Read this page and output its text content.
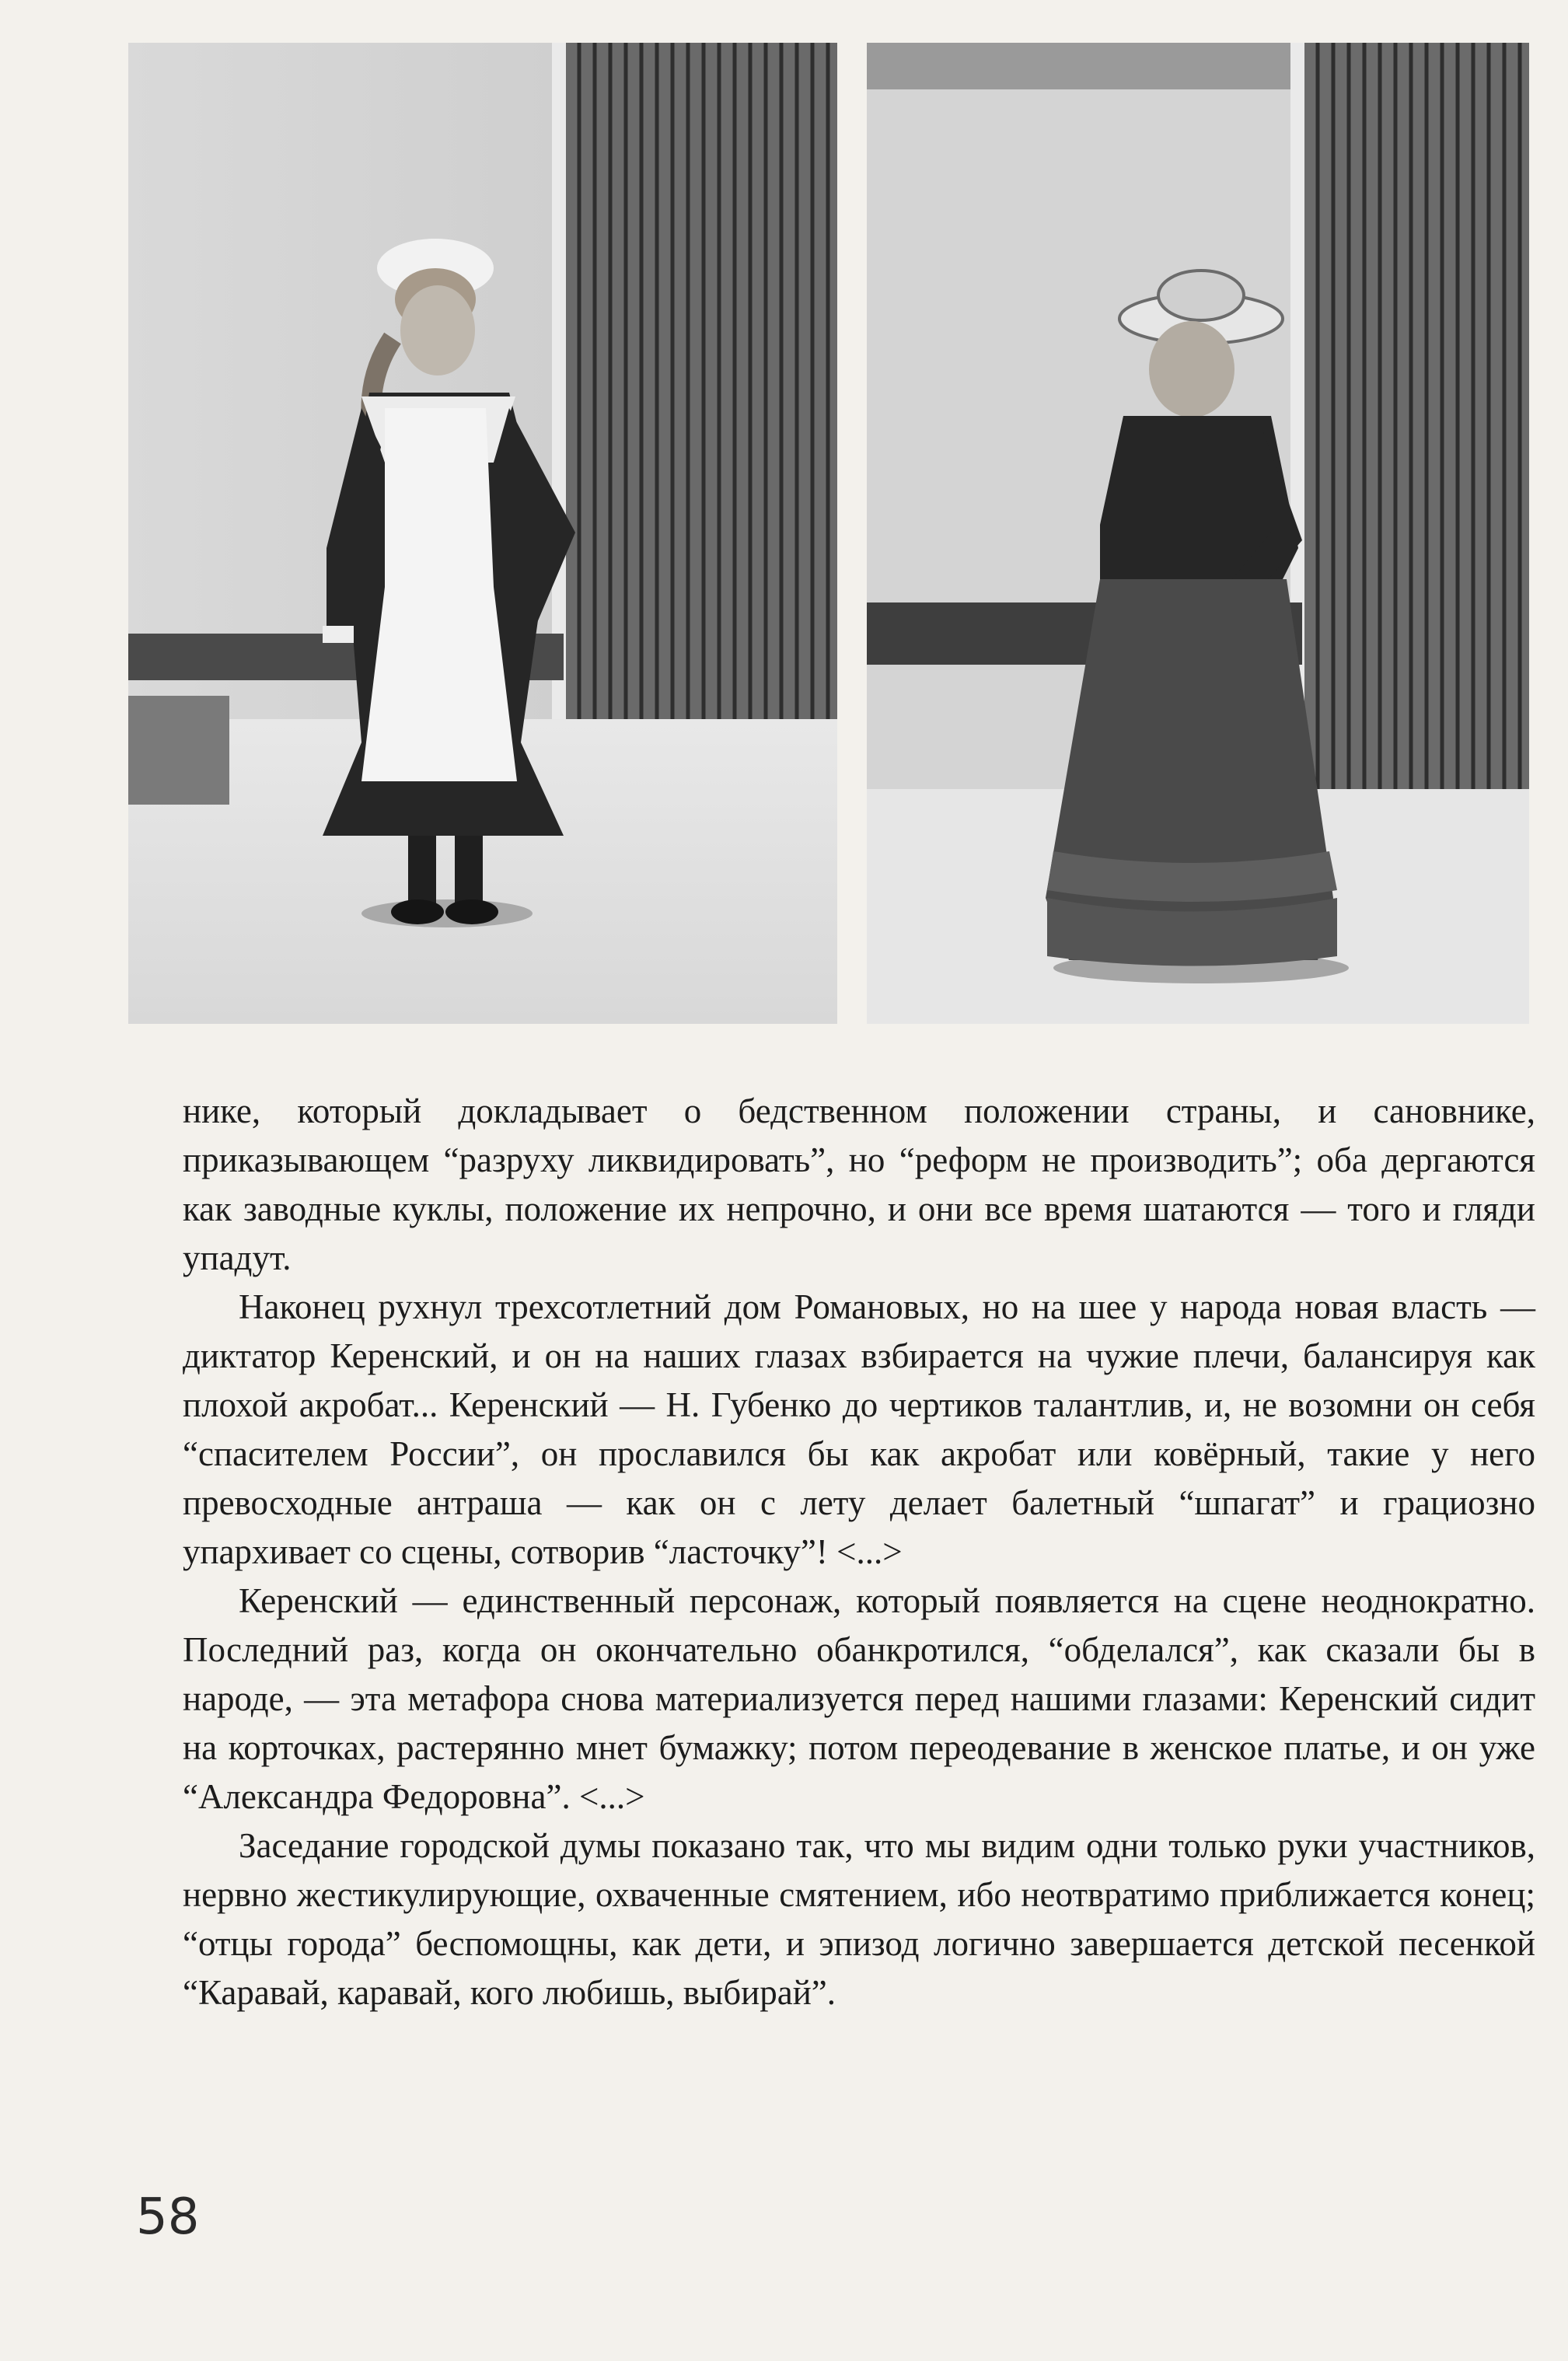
нике, который докладывает о бедственном положении страны, и сановнике, приказывающем “разруху ликвидировать”, но “реформ не производить”; оба дергаются как заводные куклы, положение их непрочно, и они все время шатаются — того и гляди упадут.

Наконец рухнул трехсотлетний дом Романовых, но на шее у народа новая власть — диктатор Керенский, и он на наших глазах взбирается на чужие плечи, балансируя как плохой акробат... Керенский — Н. Губенко до чертиков талантлив, и, не возомни он себя “спасителем России”, он прославился бы как акробат или ковёрный, такие у него превосходные антраша — как он с лету делает балетный “шпагат” и грациозно упархивает со сцены, сотворив “ласточку”! <...>

Керенский — единственный персонаж, который появляется на сцене неоднократно. Последний раз, когда он окончательно обанкротился, “обделался”, как сказали бы в народе, — эта метафора снова материализуется перед нашими глазами: Керенский сидит на корточках, растерянно мнет бумажку; потом переодевание в женское платье, и он уже “Александра Федоровна”. <...>

Заседание городской думы показано так, что мы видим одни только руки участников, нервно жестикулирующие, охваченные смятением, ибо неотвратимо приближается конец; “отцы города” беспомощны, как дети, и эпизод логично завершается детской песенкой “Каравай, каравай, кого любишь, выбирай”.

58
